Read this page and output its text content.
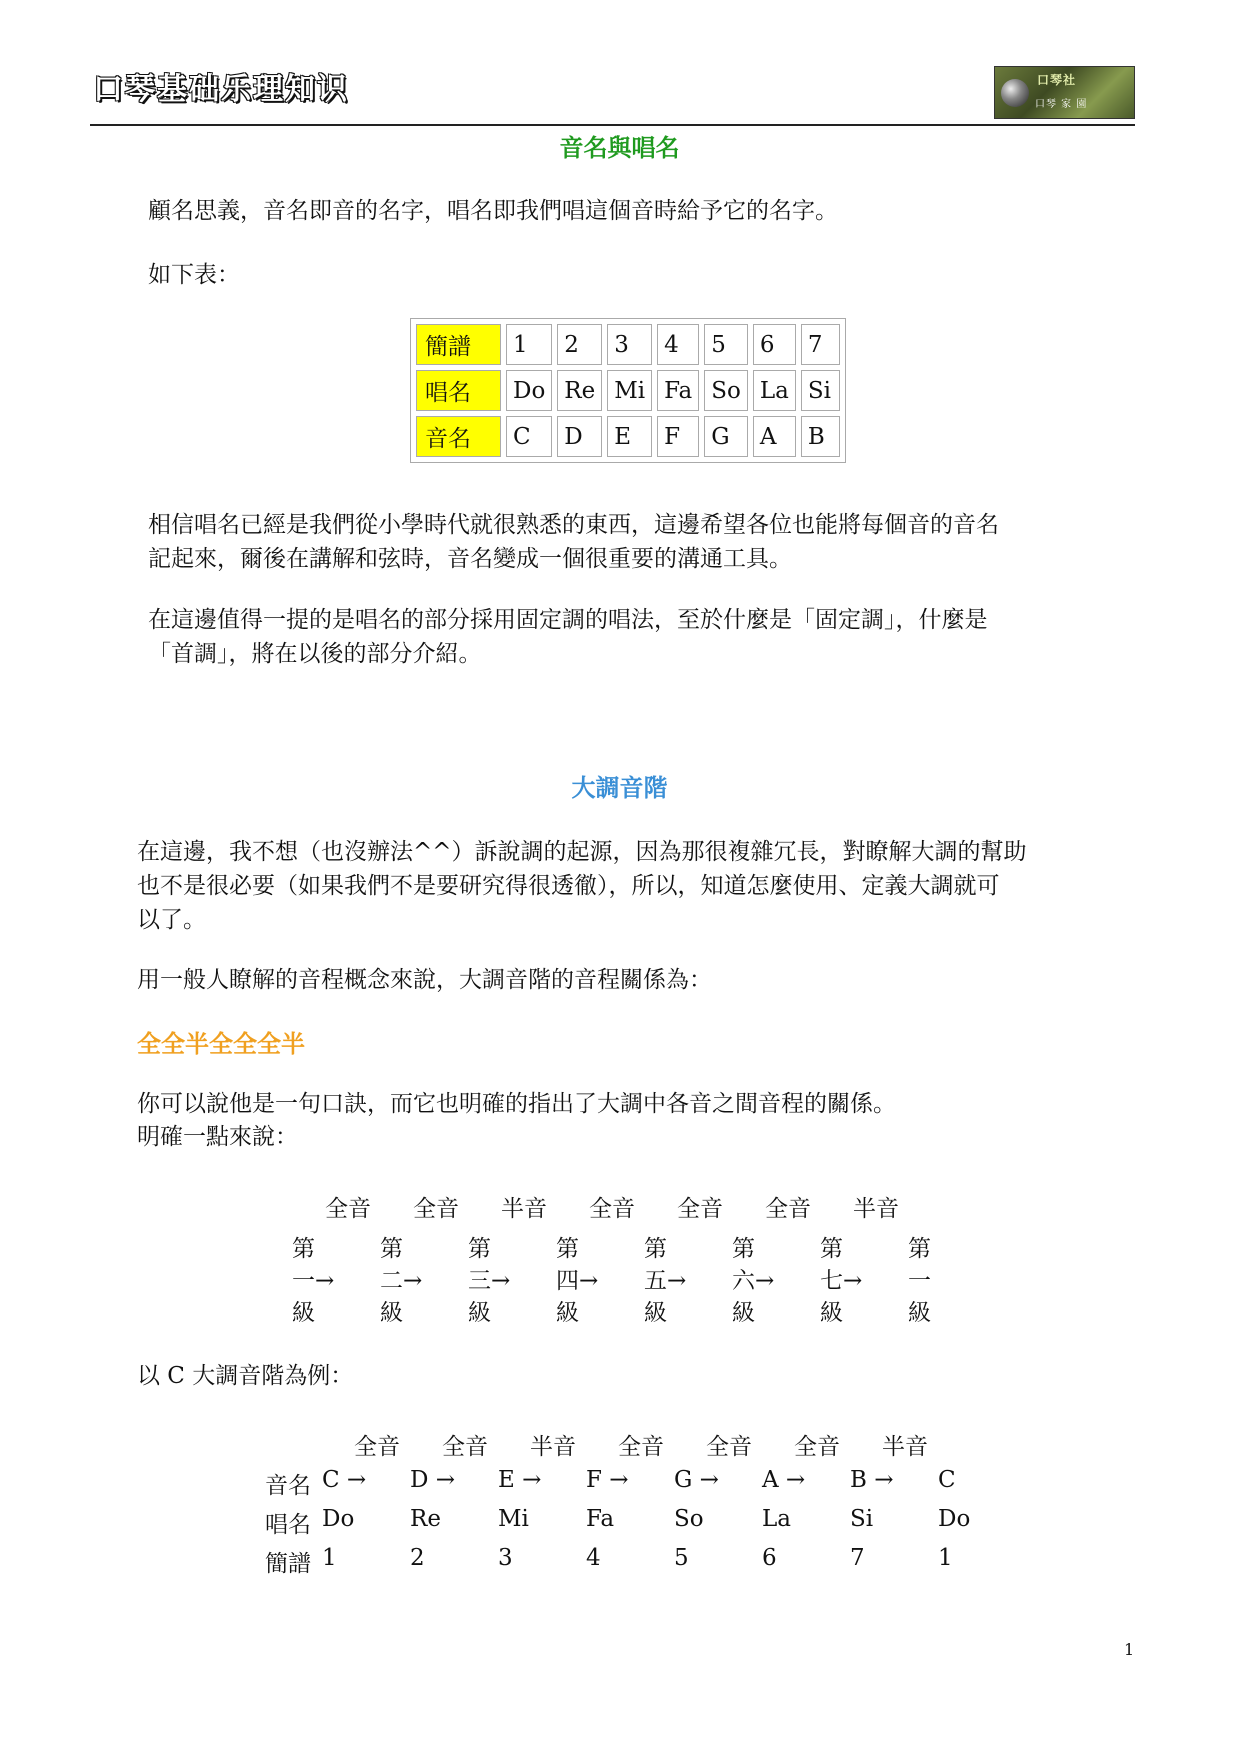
口琴基础乐理知识	口琴社
口琴 家 園
音名與唱名
顧名思義，音名即音的名字，唱名即我們唱這個音時給予它的名字。
如下表：
簡譜	1	2	3	4	5	6	7
唱名	Do	Re	Mi	Fa	So	La	Si
音名	C	D	E	F	G	A	B
相信唱名已經是我們從小學時代就很熟悉的東西，這邊希望各位也能將每個音的音名
記起來，爾後在講解和弦時，音名變成一個很重要的溝通工具。
在這邊值得一提的是唱名的部分採用固定調的唱法，至於什麼是「固定調」，什麼是
「首調」，將在以後的部分介紹。
大調音階
在這邊，我不想（也沒辦法^^）訴說調的起源，因為那很複雜冗長，對瞭解大調的幫助
也不是很必要（如果我們不是要研究得很透徹），所以，知道怎麼使用、定義大調就可
以了。
用一般人瞭解的音程概念來說，大調音階的音程關係為：
全全半全全全半
你可以說他是一句口訣，而它也明確的指出了大調中各音之間音程的關係。
明確一點來說：
全音 全音 半音 全音 全音 全音 半音
第	第	第	第	第	第	第	第
一→ 二→ 三→ 四→ 五→ 六→ 七→ 一
級	級	級	級	級	級	級	級
以 C 大調音階為例：
全音 全音 半音 全音 全音 全音 半音
音名 C → D → E → F → G → A → B → C
唱名 Do Re Mi Fa	So	La	Si	Do
簡譜 1	2	3	4	5	6	7	1
1
